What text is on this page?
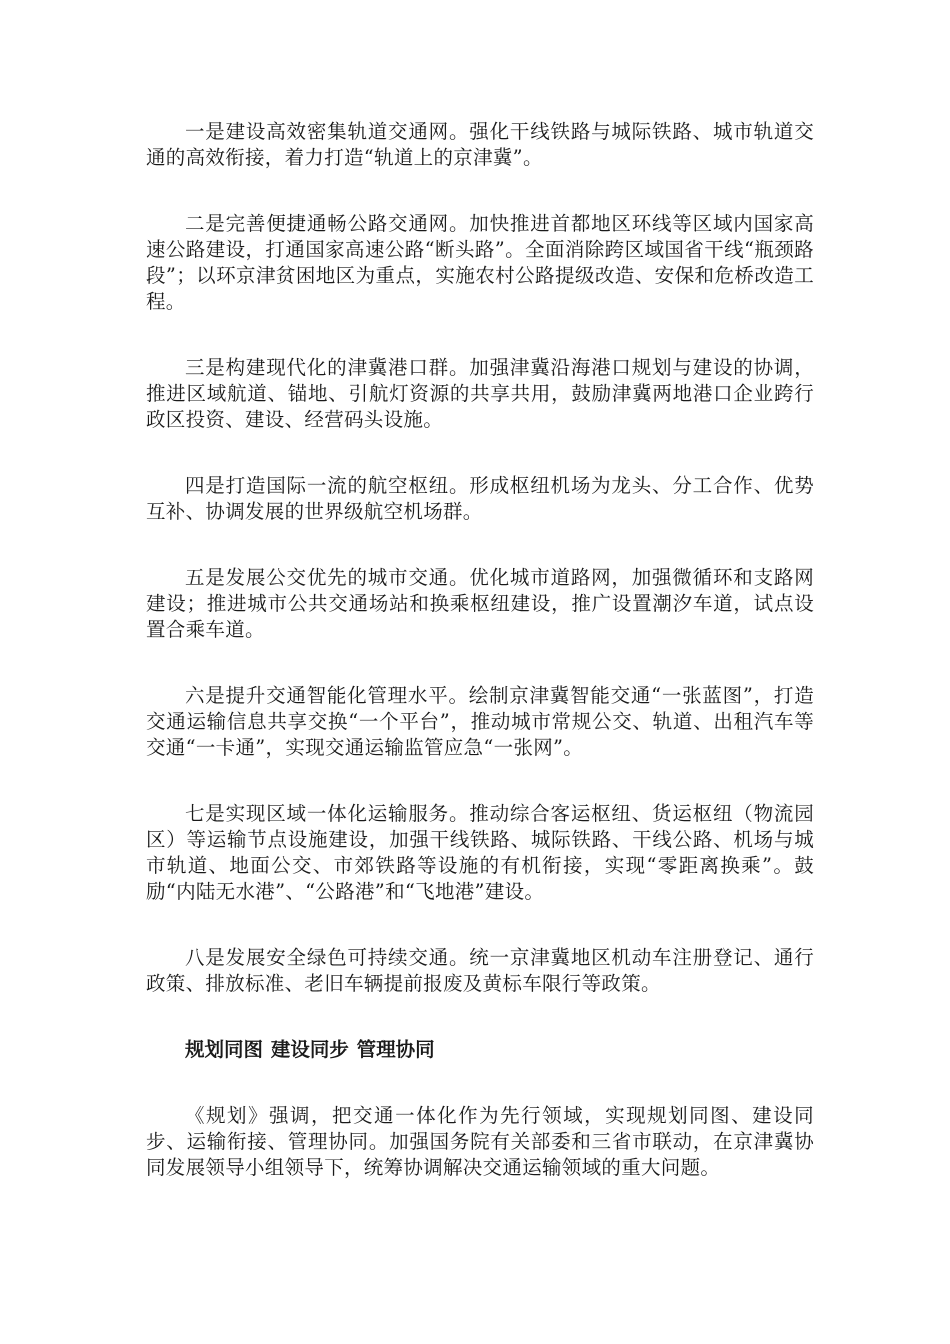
一是建设高效密集轨道交通网。强化干线铁路与城际铁路、城市轨道交通的高效衔接，着力打造“轨道上的京津冀”。

二是完善便捷通畅公路交通网。加快推进首都地区环线等区域内国家高速公路建设，打通国家高速公路“断头路”。全面消除跨区域国省干线“瓶颈路段”；以环京津贫困地区为重点，实施农村公路提级改造、安保和危桥改造工程。

三是构建现代化的津冀港口群。加强津冀沿海港口规划与建设的协调，推进区域航道、锚地、引航灯资源的共享共用，鼓励津冀两地港口企业跨行政区投资、建设、经营码头设施。

四是打造国际一流的航空枢纽。形成枢纽机场为龙头、分工合作、优势互补、协调发展的世界级航空机场群。

五是发展公交优先的城市交通。优化城市道路网，加强微循环和支路网建设；推进城市公共交通场站和换乘枢纽建设，推广设置潮汐车道，试点设置合乘车道。

六是提升交通智能化管理水平。绘制京津冀智能交通“一张蓝图”，打造交通运输信息共享交换“一个平台”，推动城市常规公交、轨道、出租汽车等交通“一卡通”，实现交通运输监管应急“一张网”。

七是实现区域一体化运输服务。推动综合客运枢纽、货运枢纽（物流园区）等运输节点设施建设，加强干线铁路、城际铁路、干线公路、机场与城市轨道、地面公交、市郊铁路等设施的有机衔接，实现“零距离换乘”。鼓励“内陆无水港”、“公路港”和“飞地港”建设。

八是发展安全绿色可持续交通。统一京津冀地区机动车注册登记、通行政策、排放标准、老旧车辆提前报废及黄标车限行等政策。

规划同图 建设同步 管理协同

《规划》强调，把交通一体化作为先行领域，实现规划同图、建设同步、运输衔接、管理协同。加强国务院有关部委和三省市联动，在京津冀协同发展领导小组领导下，统筹协调解决交通运输领域的重大问题。
